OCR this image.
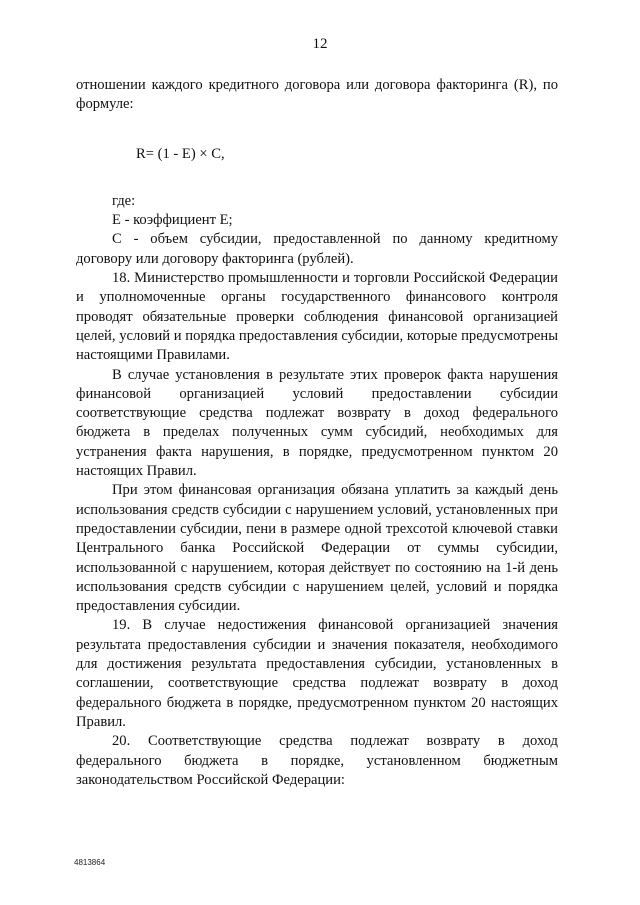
12

отношении каждого кредитного договора или договора факторинга (R), по формуле:

R= (1 - E) × C,

где:

E - коэффициент E;

C - объем субсидии, предоставленной по данному кредитному договору или договору факторинга (рублей).

18. Министерство промышленности и торговли Российской Федерации и уполномоченные органы государственного финансового контроля проводят обязательные проверки соблюдения финансовой организацией целей, условий и порядка предоставления субсидии, которые предусмотрены настоящими Правилами.

В случае установления в результате этих проверок факта нарушения финансовой организацией условий предоставлении субсидии соответствующие средства подлежат возврату в доход федерального бюджета в пределах полученных сумм субсидий, необходимых для устранения факта нарушения, в порядке, предусмотренном пунктом 20 настоящих Правил.

При этом финансовая организация обязана уплатить за каждый день использования средств субсидии с нарушением условий, установленных при предоставлении субсидии, пени в размере одной трехсотой ключевой ставки Центрального банка Российской Федерации от суммы субсидии, использованной с нарушением, которая действует по состоянию на 1-й день использования средств субсидии с нарушением целей, условий и порядка предоставления субсидии.

19. В случае недостижения финансовой организацией значения результата предоставления субсидии и значения показателя, необходимого для достижения результата предоставления субсидии, установленных в соглашении, соответствующие средства подлежат возврату в доход федерального бюджета в порядке, предусмотренном пунктом 20 настоящих Правил.

20. Соответствующие средства подлежат возврату в доход федерального бюджета в порядке, установленном бюджетным законодательством Российской Федерации:

4813864
